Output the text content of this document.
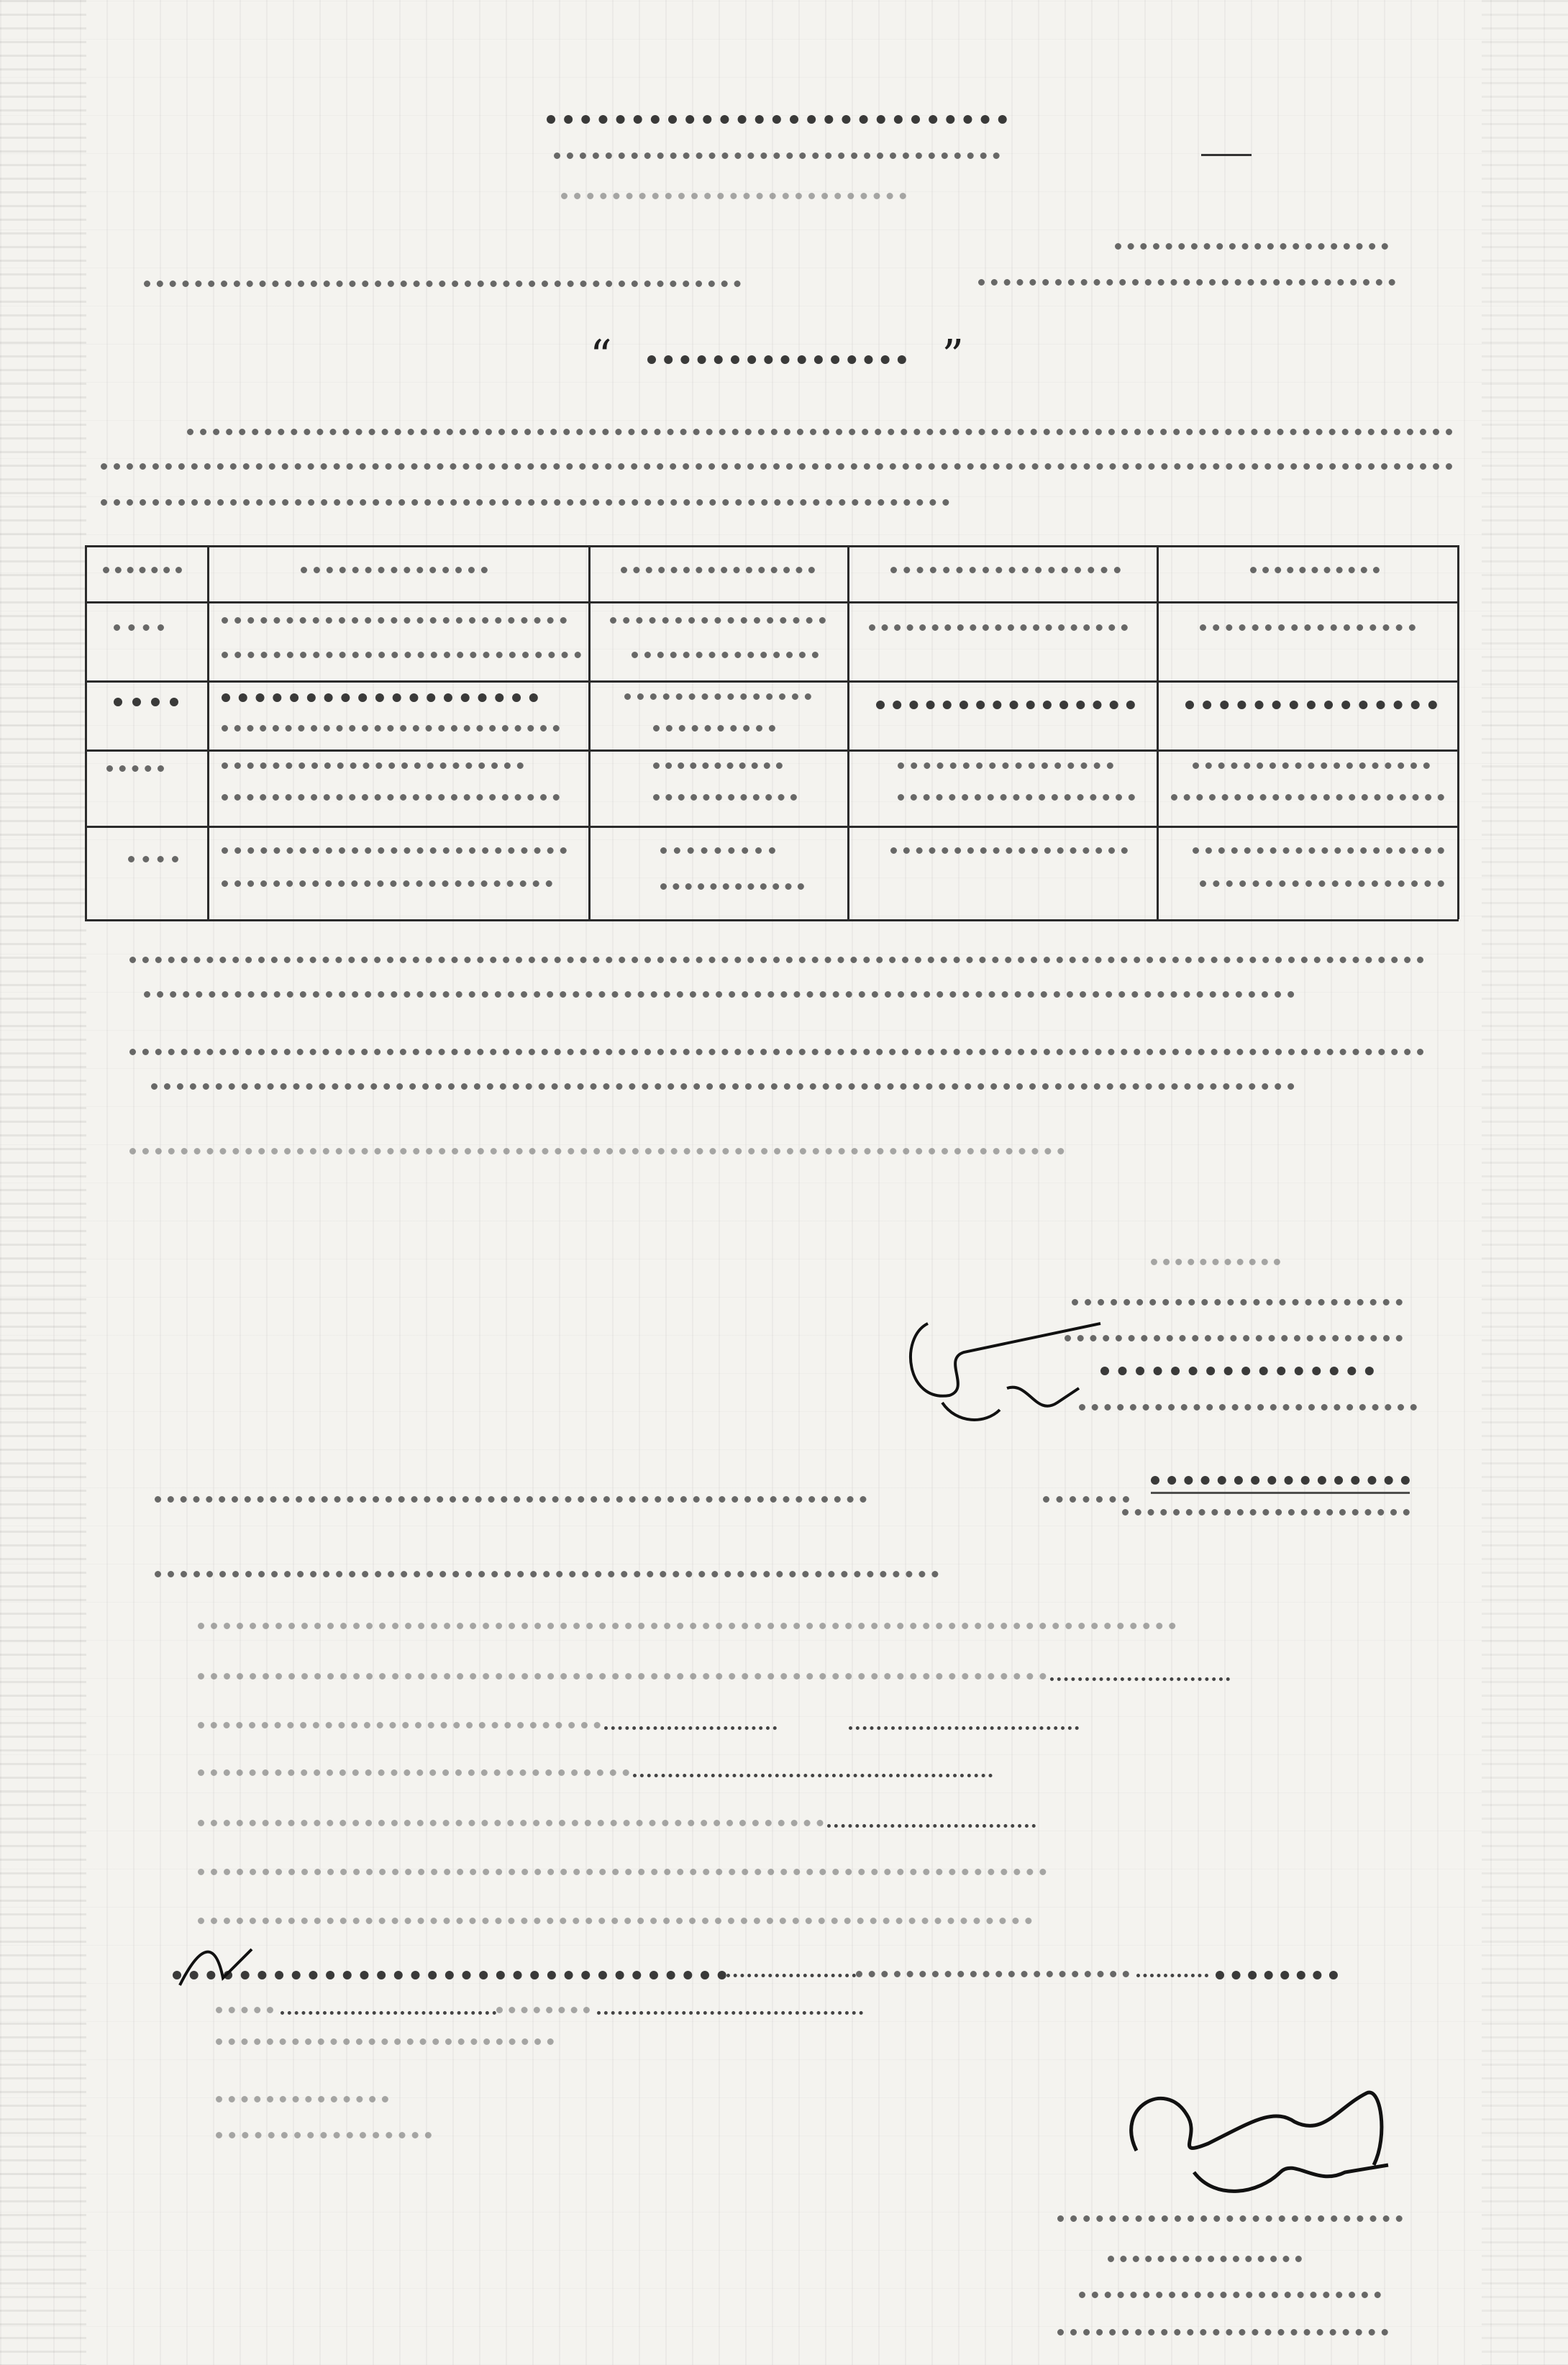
“	”
